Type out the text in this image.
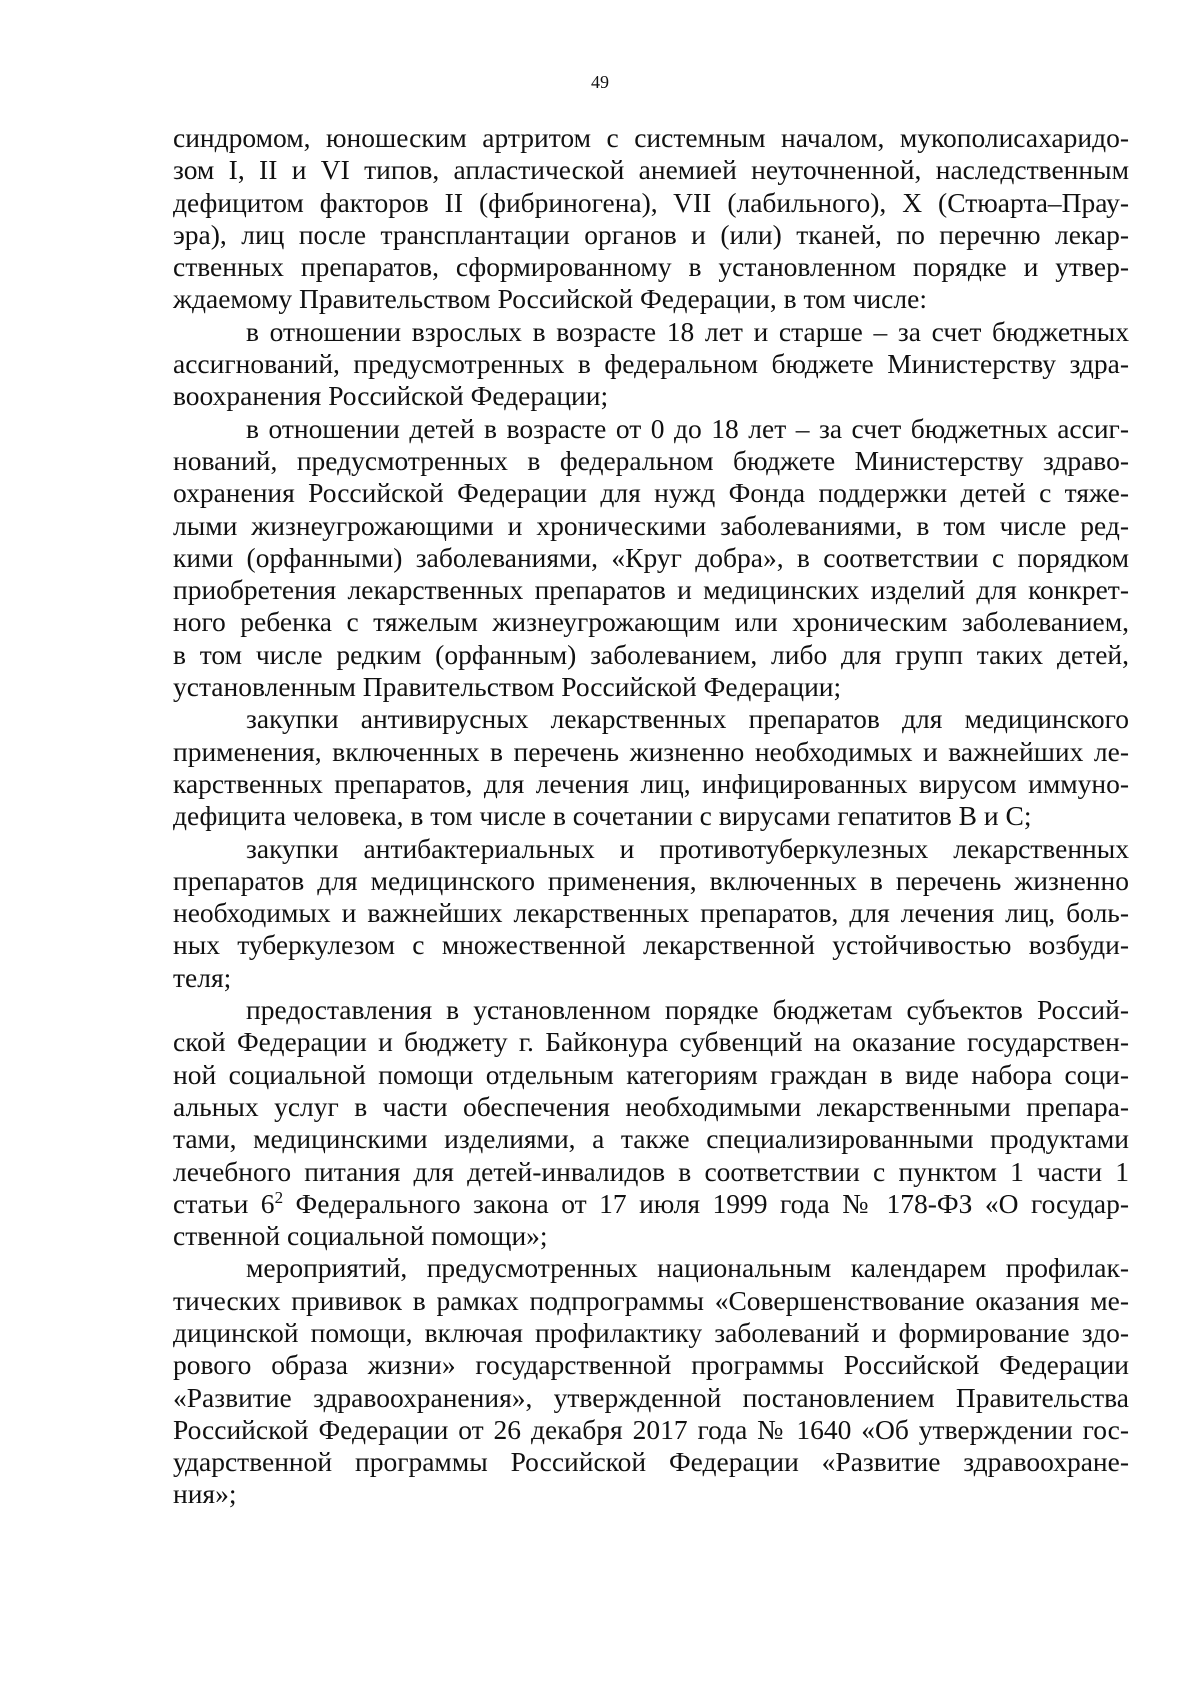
49

синдромом, юношеским артритом с системным началом, мукополисахаридо-
зом I, II и VI типов, апластической анемией неуточненной, наследственным
дефицитом факторов II (фибриногена), VII (лабильного), X (Стюарта–Прау-
эра), лиц после трансплантации органов и (или) тканей, по перечню лекар-
ственных препаратов, сформированному в установленном порядке и утвер-
ждаемому Правительством Российской Федерации, в том числе:

в отношении взрослых в возрасте 18 лет и старше – за счет бюджетных
ассигнований, предусмотренных в федеральном бюджете Министерству здра-
воохранения Российской Федерации;

в отношении детей в возрасте от 0 до 18 лет – за счет бюджетных ассиг-
нований, предусмотренных в федеральном бюджете Министерству здраво-
охранения Российской Федерации для нужд Фонда поддержки детей с тяже-
лыми жизнеугрожающими и хроническими заболеваниями, в том числе ред-
кими (орфанными) заболеваниями, «Круг добра», в соответствии с порядком
приобретения лекарственных препаратов и медицинских изделий для конкрет-
ного ребенка с тяжелым жизнеугрожающим или хроническим заболеванием,
в том числе редким (орфанным) заболеванием, либо для групп таких детей,
установленным Правительством Российской Федерации;

закупки антивирусных лекарственных препаратов для медицинского
применения, включенных в перечень жизненно необходимых и важнейших ле-
карственных препаратов, для лечения лиц, инфицированных вирусом иммуно-
дефицита человека, в том числе в сочетании с вирусами гепатитов B и C;

закупки антибактериальных и противотуберкулезных лекарственных
препаратов для медицинского применения, включенных в перечень жизненно
необходимых и важнейших лекарственных препаратов, для лечения лиц, боль-
ных туберкулезом с множественной лекарственной устойчивостью возбуди-
теля;

предоставления в установленном порядке бюджетам субъектов Россий-
ской Федерации и бюджету г. Байконура субвенций на оказание государствен-
ной социальной помощи отдельным категориям граждан в виде набора соци-
альных услуг в части обеспечения необходимыми лекарственными препара-
тами, медицинскими изделиями, а также специализированными продуктами
лечебного питания для детей-инвалидов в соответствии с пунктом 1 части 1
статьи $6^2$ Федерального закона от 17 июля 1999 года № 178-ФЗ «О государ-
ственной социальной помощи»;

мероприятий, предусмотренных национальным календарем профилак-
тических прививок в рамках подпрограммы «Совершенствование оказания ме-
дицинской помощи, включая профилактику заболеваний и формирование здо-
рового образа жизни» государственной программы Российской Федерации
«Развитие здравоохранения», утвержденной постановлением Правительства
Российской Федерации от 26 декабря 2017 года № 1640 «Об утверждении гос-
ударственной программы Российской Федерации «Развитие здравоохране-
ния»;
